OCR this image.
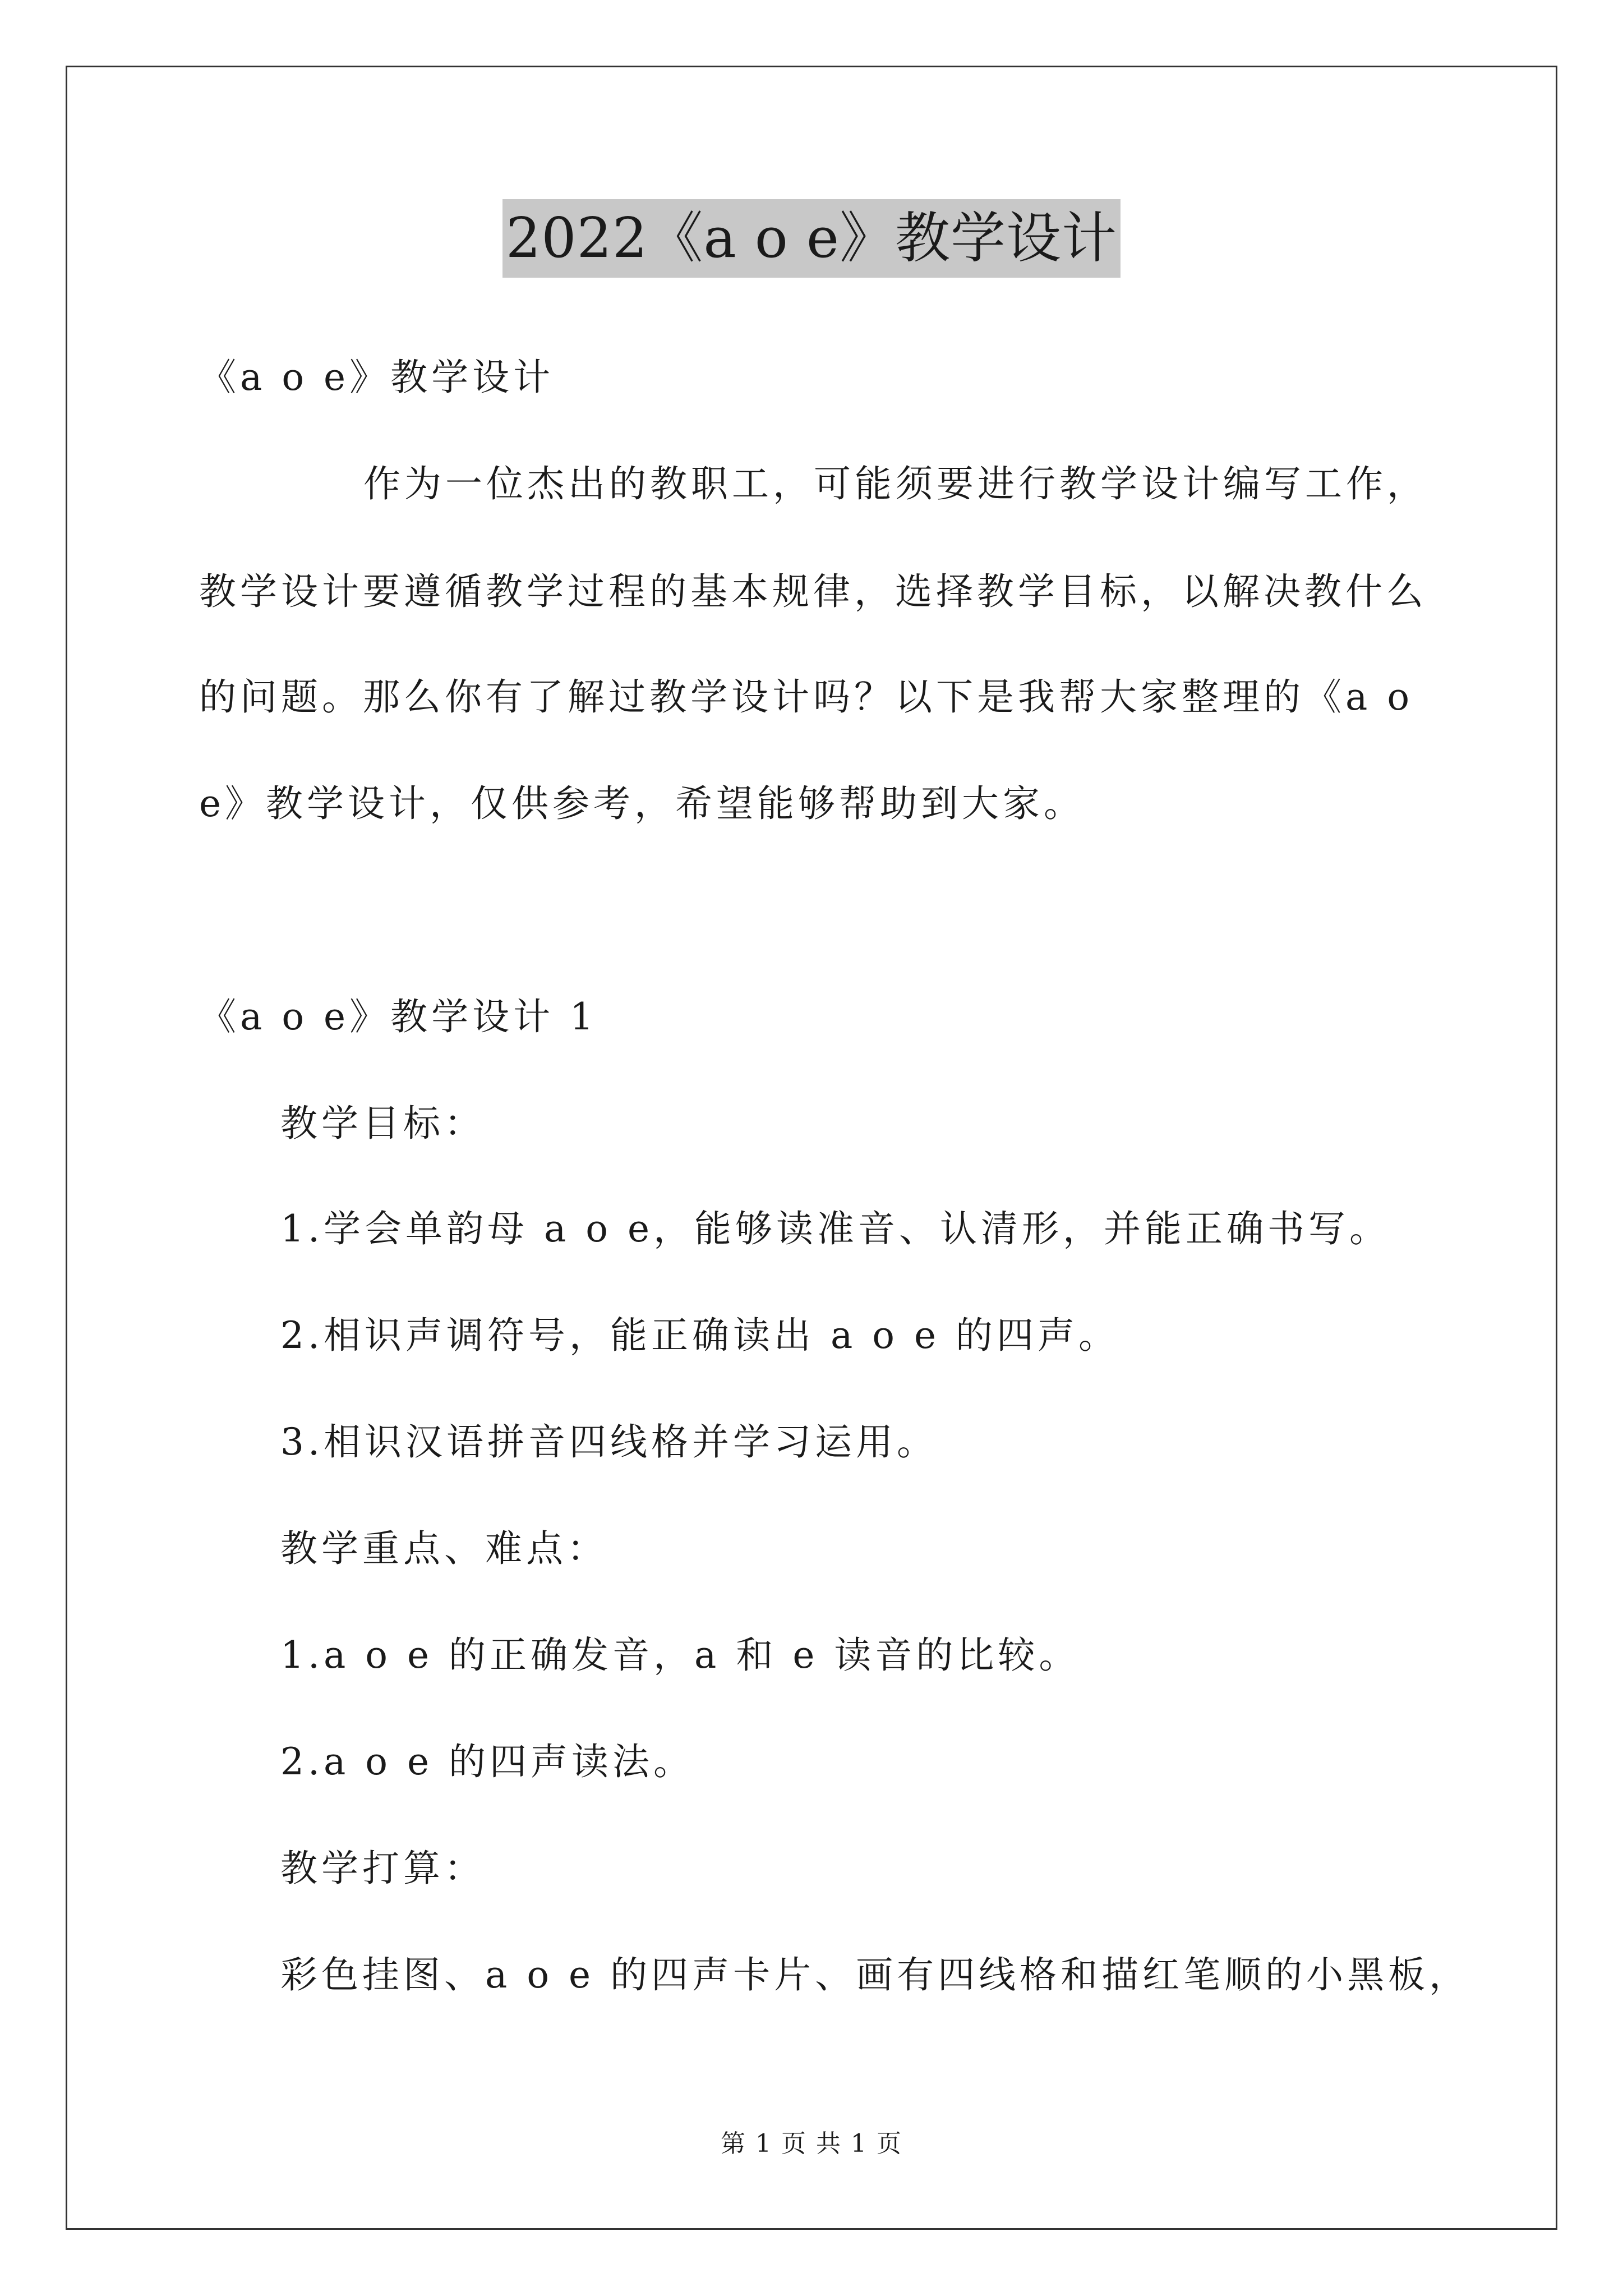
2022《a o e》教学设计
《a o e》教学设计
作为一位杰出的教职工，可能须要进行教学设计编写工作，
教学设计要遵循教学过程的基本规律，选择教学目标，以解决教什么
的问题。那么你有了解过教学设计吗？以下是我帮大家整理的《a o
e》教学设计，仅供参考，希望能够帮助到大家。
《a o e》教学设计 1
教学目标：
1.学会单韵母 a o e，能够读准音、认清形，并能正确书写。
2.相识声调符号，能正确读出 a o e 的四声。
3.相识汉语拼音四线格并学习运用。
教学重点、难点：
1.a o e 的正确发音，a 和 e 读音的比较。
2.a o e 的四声读法。
教学打算：
彩色挂图、a o e 的四声卡片、画有四线格和描红笔顺的小黑板，
第 1 页 共 1 页
